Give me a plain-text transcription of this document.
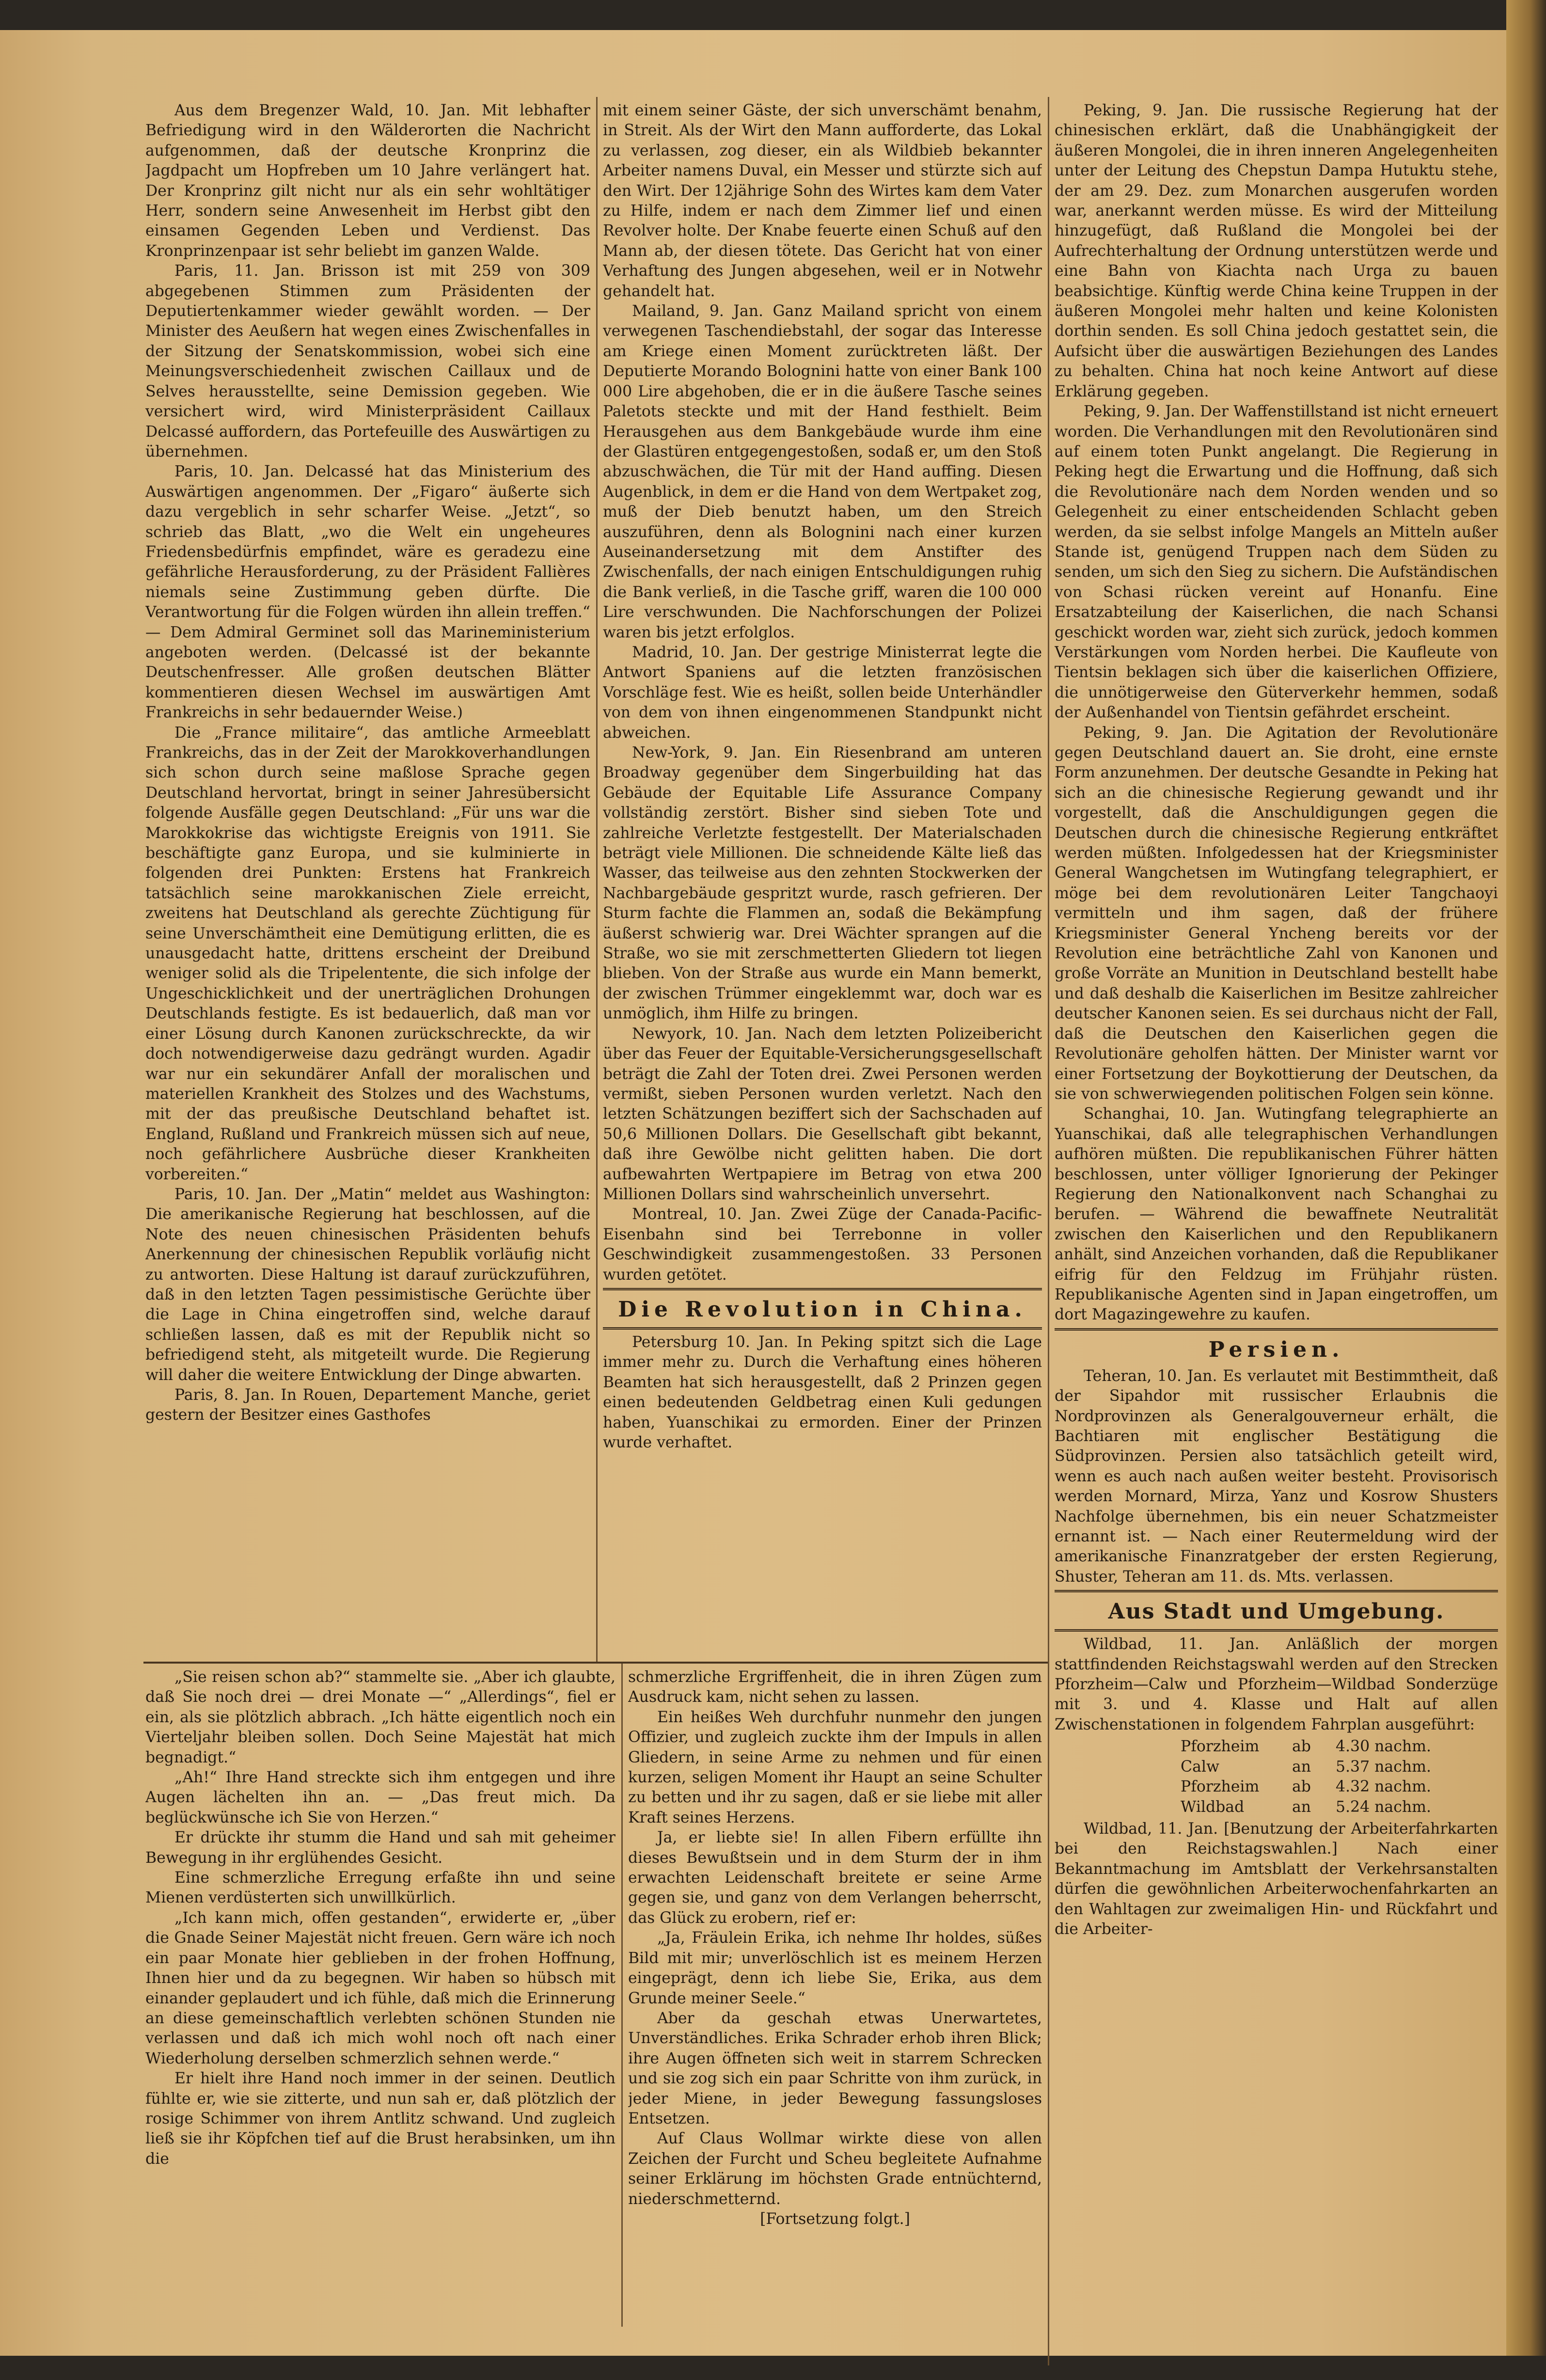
Aus dem Bregenzer Wald, 10. Jan. Mit lebhafter Befriedigung wird in den Wälderorten die Nachricht aufgenommen, daß der deutsche Kronprinz die Jagdpacht um Hopfreben um 10 Jahre verlängert hat. Der Kronprinz gilt nicht nur als ein sehr wohltätiger Herr, sondern seine Anwesenheit im Herbst gibt den einsamen Gegenden Leben und Verdienst. Das Kronprinzenpaar ist sehr beliebt im ganzen Walde.

Paris, 11. Jan. Brisson ist mit 259 von 309 abgegebenen Stimmen zum Präsidenten der Deputiertenkammer wieder gewählt worden. — Der Minister des Aeußern hat wegen eines Zwischenfalles in der Sitzung der Senatskommission, wobei sich eine Meinungsverschiedenheit zwischen Caillaux und de Selves herausstellte, seine Demission gegeben. Wie versichert wird, wird Ministerpräsident Caillaux Delcassé auffordern, das Portefeuille des Auswärtigen zu übernehmen.

Paris, 10. Jan. Delcassé hat das Ministerium des Auswärtigen angenommen. Der „Figaro“ äußerte sich dazu vergeblich in sehr scharfer Weise. „Jetzt“, so schrieb das Blatt, „wo die Welt ein ungeheures Friedensbedürfnis empfindet, wäre es geradezu eine gefährliche Herausforderung, zu der Präsident Fallières niemals seine Zustimmung geben dürfte. Die Verantwortung für die Folgen würden ihn allein treffen.“ — Dem Admiral Germinet soll das Marineministerium angeboten werden. (Delcassé ist der bekannte Deutschenfresser. Alle großen deutschen Blätter kommentieren diesen Wechsel im auswärtigen Amt Frankreichs in sehr bedauernder Weise.)

Die „France militaire“, das amtliche Armeeblatt Frankreichs, das in der Zeit der Marokkoverhandlungen sich schon durch seine maßlose Sprache gegen Deutschland hervortat, bringt in seiner Jahresübersicht folgende Ausfälle gegen Deutschland: „Für uns war die Marokkokrise das wichtigste Ereignis von 1911. Sie beschäftigte ganz Europa, und sie kulminierte in folgenden drei Punkten: Erstens hat Frankreich tatsächlich seine marokkanischen Ziele erreicht, zweitens hat Deutschland als gerechte Züchtigung für seine Unverschämtheit eine Demütigung erlitten, die es unausgedacht hatte, drittens erscheint der Dreibund weniger solid als die Tripelentente, die sich infolge der Ungeschicklichkeit und der unerträglichen Drohungen Deutschlands festigte. Es ist bedauerlich, daß man vor einer Lösung durch Kanonen zurückschreckte, da wir doch notwendigerweise dazu gedrängt wurden. Agadir war nur ein sekundärer Anfall der moralischen und materiellen Krankheit des Stolzes und des Wachstums, mit der das preußische Deutschland behaftet ist. England, Rußland und Frankreich müssen sich auf neue, noch gefährlichere Ausbrüche dieser Krankheiten vorbereiten.“

Paris, 10. Jan. Der „Matin“ meldet aus Washington: Die amerikanische Regierung hat beschlossen, auf die Note des neuen chinesischen Präsidenten behufs Anerkennung der chinesischen Republik vorläufig nicht zu antworten. Diese Haltung ist darauf zurückzuführen, daß in den letzten Tagen pessimistische Gerüchte über die Lage in China eingetroffen sind, welche darauf schließen lassen, daß es mit der Republik nicht so befriedigend steht, als mitgeteilt wurde. Die Regierung will daher die weitere Entwicklung der Dinge abwarten.

Paris, 8. Jan. In Rouen, Departement Manche, geriet gestern der Besitzer eines Gasthofes

mit einem seiner Gäste, der sich unverschämt benahm, in Streit. Als der Wirt den Mann aufforderte, das Lokal zu verlassen, zog dieser, ein als Wildbieb bekannter Arbeiter namens Duval, ein Messer und stürzte sich auf den Wirt. Der 12jährige Sohn des Wirtes kam dem Vater zu Hilfe, indem er nach dem Zimmer lief und einen Revolver holte. Der Knabe feuerte einen Schuß auf den Mann ab, der diesen tötete. Das Gericht hat von einer Verhaftung des Jungen abgesehen, weil er in Notwehr gehandelt hat.

Mailand, 9. Jan. Ganz Mailand spricht von einem verwegenen Taschendiebstahl, der sogar das Interesse am Kriege einen Moment zurücktreten läßt. Der Deputierte Morando Bolognini hatte von einer Bank 100 000 Lire abgehoben, die er in die äußere Tasche seines Paletots steckte und mit der Hand festhielt. Beim Herausgehen aus dem Bankgebäude wurde ihm eine der Glastüren entgegengestoßen, sodaß er, um den Stoß abzuschwächen, die Tür mit der Hand auffing. Diesen Augenblick, in dem er die Hand von dem Wertpaket zog, muß der Dieb benutzt haben, um den Streich auszuführen, denn als Bolognini nach einer kurzen Auseinandersetzung mit dem Anstifter des Zwischenfalls, der nach einigen Entschuldigungen ruhig die Bank verließ, in die Tasche griff, waren die 100 000 Lire verschwunden. Die Nachforschungen der Polizei waren bis jetzt erfolglos.

Madrid, 10. Jan. Der gestrige Ministerrat legte die Antwort Spaniens auf die letzten französischen Vorschläge fest. Wie es heißt, sollen beide Unterhändler von dem von ihnen eingenommenen Standpunkt nicht abweichen.

New-York, 9. Jan. Ein Riesenbrand am unteren Broadway gegenüber dem Singerbuilding hat das Gebäude der Equitable Life Assurance Company vollständig zerstört. Bisher sind sieben Tote und zahlreiche Verletzte festgestellt. Der Materialschaden beträgt viele Millionen. Die schneidende Kälte ließ das Wasser, das teilweise aus den zehnten Stockwerken der Nachbargebäude gespritzt wurde, rasch gefrieren. Der Sturm fachte die Flammen an, sodaß die Bekämpfung äußerst schwierig war. Drei Wächter sprangen auf die Straße, wo sie mit zerschmetterten Gliedern tot liegen blieben. Von der Straße aus wurde ein Mann bemerkt, der zwischen Trümmer eingeklemmt war, doch war es unmöglich, ihm Hilfe zu bringen.

Newyork, 10. Jan. Nach dem letzten Polizeibericht über das Feuer der Equitable-Versicherungsgesellschaft beträgt die Zahl der Toten drei. Zwei Personen werden vermißt, sieben Personen wurden verletzt. Nach den letzten Schätzungen beziffert sich der Sachschaden auf 50,6 Millionen Dollars. Die Gesellschaft gibt bekannt, daß ihre Gewölbe nicht gelitten haben. Die dort aufbewahrten Wertpapiere im Betrag von etwa 200 Millionen Dollars sind wahrscheinlich unversehrt.

Montreal, 10. Jan. Zwei Züge der Canada-Pacific-Eisenbahn sind bei Terrebonne in voller Geschwindigkeit zusammengestoßen. 33 Personen wurden getötet.

Die Revolution in China.

Petersburg 10. Jan. In Peking spitzt sich die Lage immer mehr zu. Durch die Verhaftung eines höheren Beamten hat sich herausgestellt, daß 2 Prinzen gegen einen bedeutenden Geldbetrag einen Kuli gedungen haben, Yuanschikai zu ermorden. Einer der Prinzen wurde verhaftet.

Peking, 9. Jan. Die russische Regierung hat der chinesischen erklärt, daß die Unabhängigkeit der äußeren Mongolei, die in ihren inneren Angelegenheiten unter der Leitung des Chepstun Dampa Hutuktu stehe, der am 29. Dez. zum Monarchen ausgerufen worden war, anerkannt werden müsse. Es wird der Mitteilung hinzugefügt, daß Rußland die Mongolei bei der Aufrechterhaltung der Ordnung unterstützen werde und eine Bahn von Kiachta nach Urga zu bauen beabsichtige. Künftig werde China keine Truppen in der äußeren Mongolei mehr halten und keine Kolonisten dorthin senden. Es soll China jedoch gestattet sein, die Aufsicht über die auswärtigen Beziehungen des Landes zu behalten. China hat noch keine Antwort auf diese Erklärung gegeben.

Peking, 9. Jan. Der Waffenstillstand ist nicht erneuert worden. Die Verhandlungen mit den Revolutionären sind auf einem toten Punkt angelangt. Die Regierung in Peking hegt die Erwartung und die Hoffnung, daß sich die Revolutionäre nach dem Norden wenden und so Gelegenheit zu einer entscheidenden Schlacht geben werden, da sie selbst infolge Mangels an Mitteln außer Stande ist, genügend Truppen nach dem Süden zu senden, um sich den Sieg zu sichern. Die Aufständischen von Schasi rücken vereint auf Honanfu. Eine Ersatzabteilung der Kaiserlichen, die nach Schansi geschickt worden war, zieht sich zurück, jedoch kommen Verstärkungen vom Norden herbei. Die Kaufleute von Tientsin beklagen sich über die kaiserlichen Offiziere, die unnötigerweise den Güterverkehr hemmen, sodaß der Außenhandel von Tientsin gefährdet erscheint.

Peking, 9. Jan. Die Agitation der Revolutionäre gegen Deutschland dauert an. Sie droht, eine ernste Form anzunehmen. Der deutsche Gesandte in Peking hat sich an die chinesische Regierung gewandt und ihr vorgestellt, daß die Anschuldigungen gegen die Deutschen durch die chinesische Regierung entkräftet werden müßten. Infolgedessen hat der Kriegsminister General Wangchetsen im Wutingfang telegraphiert, er möge bei dem revolutionären Leiter Tangchaoyi vermitteln und ihm sagen, daß der frühere Kriegsminister General Yncheng bereits vor der Revolution eine beträchtliche Zahl von Kanonen und große Vorräte an Munition in Deutschland bestellt habe und daß deshalb die Kaiserlichen im Besitze zahlreicher deutscher Kanonen seien. Es sei durchaus nicht der Fall, daß die Deutschen den Kaiserlichen gegen die Revolutionäre geholfen hätten. Der Minister warnt vor einer Fortsetzung der Boykottierung der Deutschen, da sie von schwerwiegenden politischen Folgen sein könne.

Schanghai, 10. Jan. Wutingfang telegraphierte an Yuanschikai, daß alle telegraphischen Verhandlungen aufhören müßten. Die republikanischen Führer hätten beschlossen, unter völliger Ignorierung der Pekinger Regierung den Nationalkonvent nach Schanghai zu berufen. — Während die bewaffnete Neutralität zwischen den Kaiserlichen und den Republikanern anhält, sind Anzeichen vorhanden, daß die Republikaner eifrig für den Feldzug im Frühjahr rüsten. Republikanische Agenten sind in Japan eingetroffen, um dort Magazingewehre zu kaufen.

Persien.

Teheran, 10. Jan. Es verlautet mit Bestimmtheit, daß der Sipahdor mit russischer Erlaubnis die Nordprovinzen als Generalgouverneur erhält, die Bachtiaren mit englischer Bestätigung die Südprovinzen. Persien also tatsächlich geteilt wird, wenn es auch nach außen weiter besteht. Provisorisch werden Mornard, Mirza, Yanz und Kosrow Shusters Nachfolge übernehmen, bis ein neuer Schatzmeister ernannt ist. — Nach einer Reutermeldung wird der amerikanische Finanzratgeber der ersten Regierung, Shuster, Teheran am 11. ds. Mts. verlassen.

Aus Stadt und Umgebung.

Wildbad, 11. Jan. Anläßlich der morgen stattfindenden Reichstagswahl werden auf den Strecken Pforzheim—Calw und Pforzheim—Wildbad Sonderzüge mit 3. und 4. Klasse und Halt auf allen Zwischenstationen in folgendem Fahrplan ausgeführt:

Pforzheim	ab	4.30 nachm.
Calw	an	5.37 nachm.
Pforzheim	ab	4.32 nachm.
Wildbad	an	5.24 nachm.

Wildbad, 11. Jan. [Benutzung der Arbeiterfahrkarten bei den Reichstagswahlen.] Nach einer Bekanntmachung im Amtsblatt der Verkehrsanstalten dürfen die gewöhnlichen Arbeiterwochenfahrkarten an den Wahltagen zur zweimaligen Hin- und Rückfahrt und die Arbeiter-

„Sie reisen schon ab?“ stammelte sie. „Aber ich glaubte, daß Sie noch drei — drei Monate —“ „Allerdings“, fiel er ein, als sie plötzlich abbrach. „Ich hätte eigentlich noch ein Vierteljahr bleiben sollen. Doch Seine Majestät hat mich begnadigt.“

„Ah!“ Ihre Hand streckte sich ihm entgegen und ihre Augen lächelten ihn an. — „Das freut mich. Da beglückwünsche ich Sie von Herzen.“

Er drückte ihr stumm die Hand und sah mit geheimer Bewegung in ihr erglühendes Gesicht.

Eine schmerzliche Erregung erfaßte ihn und seine Mienen verdüsterten sich unwillkürlich.

„Ich kann mich, offen gestanden“, erwiderte er, „über die Gnade Seiner Majestät nicht freuen. Gern wäre ich noch ein paar Monate hier geblieben in der frohen Hoffnung, Ihnen hier und da zu begegnen. Wir haben so hübsch mit einander geplaudert und ich fühle, daß mich die Erinnerung an diese gemeinschaftlich verlebten schönen Stunden nie verlassen und daß ich mich wohl noch oft nach einer Wiederholung derselben schmerzlich sehnen werde.“

Er hielt ihre Hand noch immer in der seinen. Deutlich fühlte er, wie sie zitterte, und nun sah er, daß plötzlich der rosige Schimmer von ihrem Antlitz schwand. Und zugleich ließ sie ihr Köpfchen tief auf die Brust herabsinken, um ihn die

schmerzliche Ergriffenheit, die in ihren Zügen zum Ausdruck kam, nicht sehen zu lassen.

Ein heißes Weh durchfuhr nunmehr den jungen Offizier, und zugleich zuckte ihm der Impuls in allen Gliedern, in seine Arme zu nehmen und für einen kurzen, seligen Moment ihr Haupt an seine Schulter zu betten und ihr zu sagen, daß er sie liebe mit aller Kraft seines Herzens.

Ja, er liebte sie! In allen Fibern erfüllte ihn dieses Bewußtsein und in dem Sturm der in ihm erwachten Leidenschaft breitete er seine Arme gegen sie, und ganz von dem Verlangen beherrscht, das Glück zu erobern, rief er:

„Ja, Fräulein Erika, ich nehme Ihr holdes, süßes Bild mit mir; unverlöschlich ist es meinem Herzen eingeprägt, denn ich liebe Sie, Erika, aus dem Grunde meiner Seele.“

Aber da geschah etwas Unerwartetes, Unverständliches. Erika Schrader erhob ihren Blick; ihre Augen öffneten sich weit in starrem Schrecken und sie zog sich ein paar Schritte von ihm zurück, in jeder Miene, in jeder Bewegung fassungsloses Entsetzen.

Auf Claus Wollmar wirkte diese von allen Zeichen der Furcht und Scheu begleitete Aufnahme seiner Erklärung im höchsten Grade entnüchternd, niederschmetternd.

[Fortsetzung folgt.]
